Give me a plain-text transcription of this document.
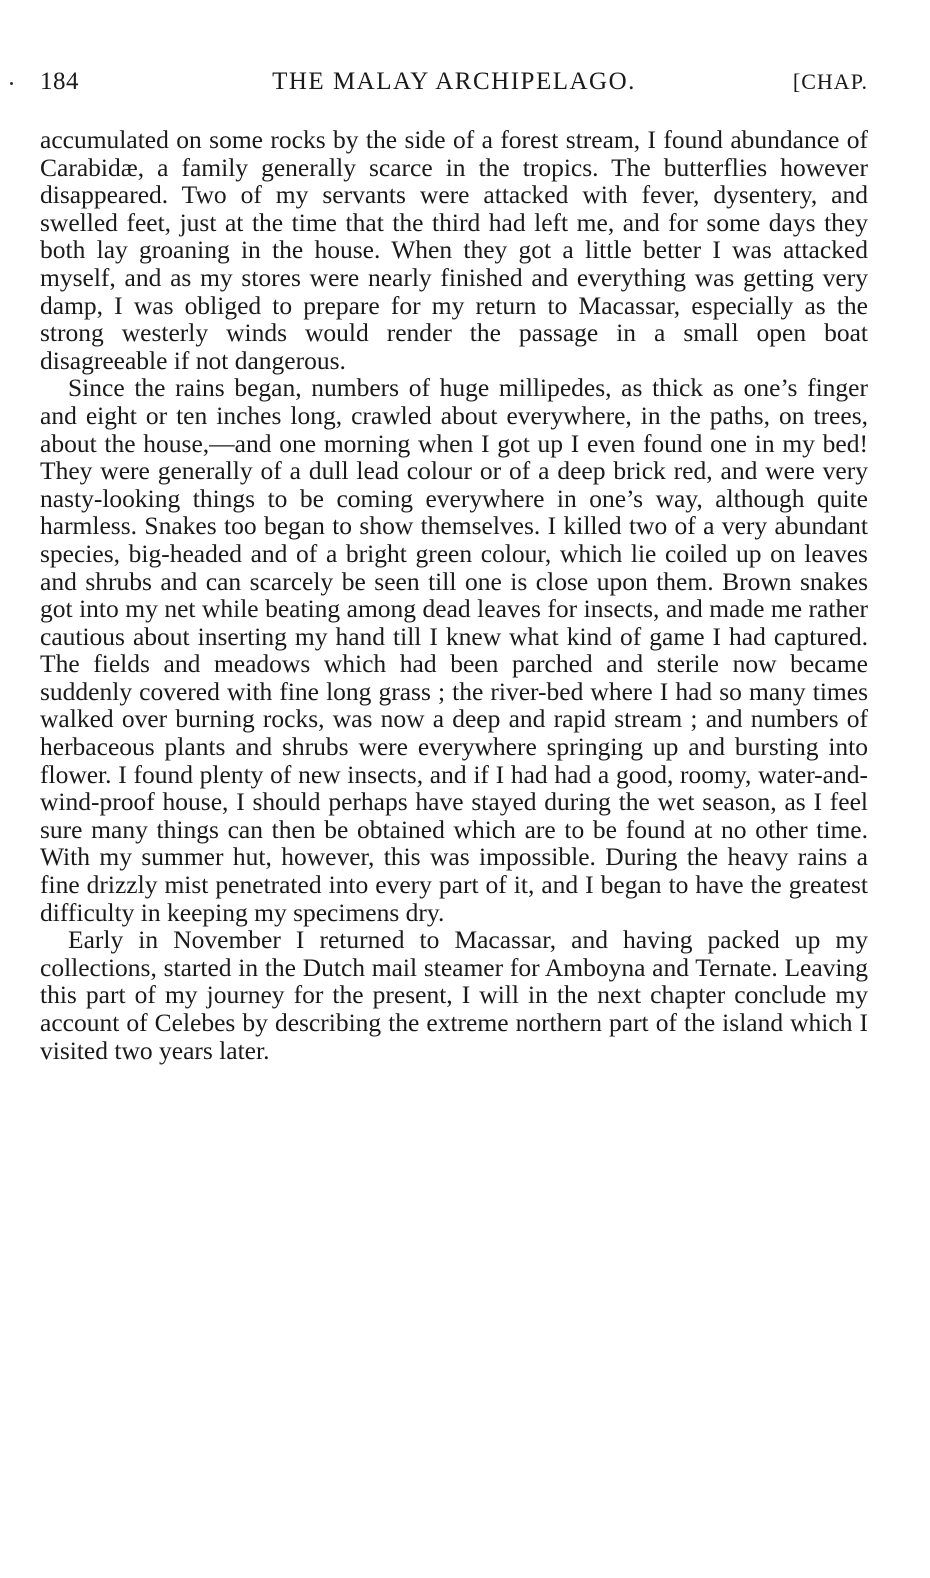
184	THE MALAY ARCHIPELAGO.	[CHAP.

accumulated on some rocks by the side of a forest stream, I found abundance of Carabidæ, a family generally scarce in the tropics. The butterflies however disappeared. Two of my servants were attacked with fever, dysentery, and swelled feet, just at the time that the third had left me, and for some days they both lay groaning in the house. When they got a little better I was attacked myself, and as my stores were nearly finished and everything was getting very damp, I was obliged to prepare for my return to Macassar, especially as the strong westerly winds would render the passage in a small open boat disagreeable if not dangerous.

Since the rains began, numbers of huge millipedes, as thick as one’s finger and eight or ten inches long, crawled about everywhere, in the paths, on trees, about the house,—and one morning when I got up I even found one in my bed! They were generally of a dull lead colour or of a deep brick red, and were very nasty-looking things to be coming everywhere in one’s way, although quite harmless. Snakes too began to show themselves. I killed two of a very abundant species, big-headed and of a bright green colour, which lie coiled up on leaves and shrubs and can scarcely be seen till one is close upon them. Brown snakes got into my net while beating among dead leaves for insects, and made me rather cautious about inserting my hand till I knew what kind of game I had captured. The fields and meadows which had been parched and sterile now became suddenly covered with fine long grass ; the river-bed where I had so many times walked over burning rocks, was now a deep and rapid stream ; and numbers of herbaceous plants and shrubs were everywhere springing up and bursting into flower. I found plenty of new insects, and if I had had a good, roomy, water-and-wind-proof house, I should perhaps have stayed during the wet season, as I feel sure many things can then be obtained which are to be found at no other time. With my summer hut, however, this was impossible. During the heavy rains a fine drizzly mist penetrated into every part of it, and I began to have the greatest difficulty in keeping my specimens dry.

Early in November I returned to Macassar, and having packed up my collections, started in the Dutch mail steamer for Amboyna and Ternate. Leaving this part of my journey for the present, I will in the next chapter conclude my account of Celebes by describing the extreme northern part of the island which I visited two years later.
